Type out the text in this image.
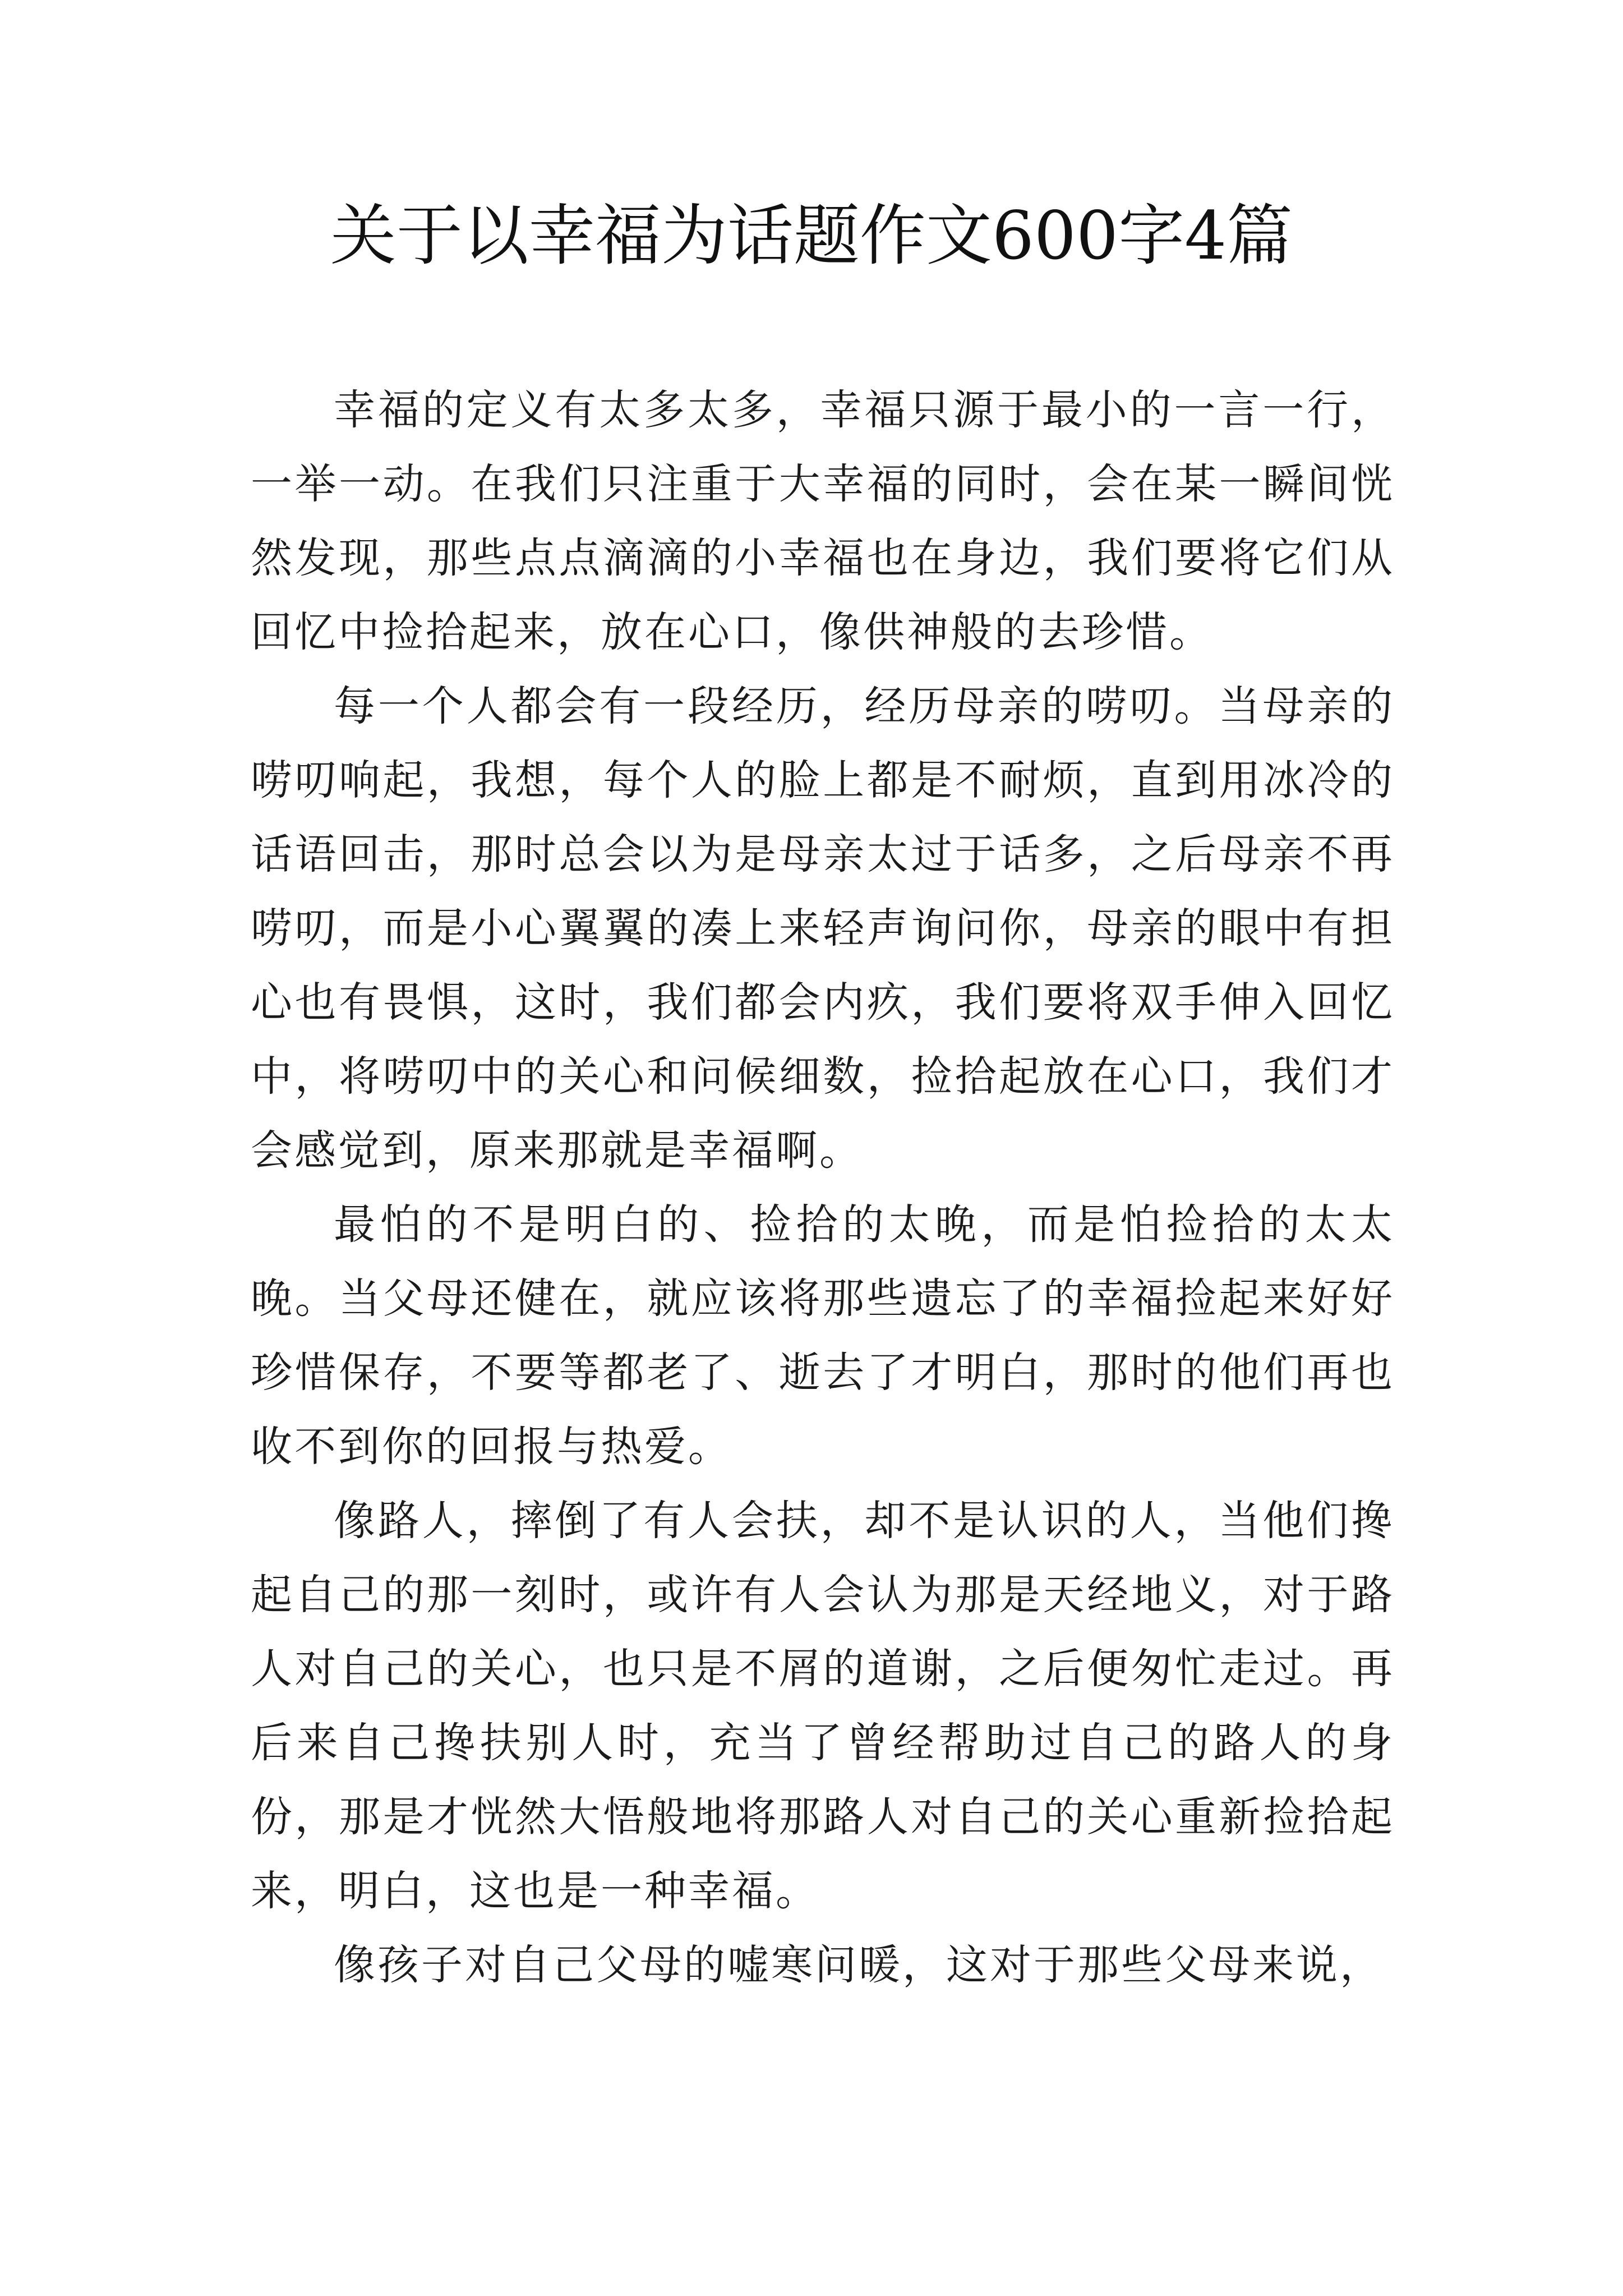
关于以幸福为话题作文600字4篇

幸福的定义有太多太多，幸福只源于最小的一言一行，一举一动。在我们只注重于大幸福的同时，会在某一瞬间恍然发现，那些点点滴滴的小幸福也在身边，我们要将它们从回忆中捡拾起来，放在心口，像供神般的去珍惜。

每一个人都会有一段经历，经历母亲的唠叨。当母亲的唠叨响起，我想，每个人的脸上都是不耐烦，直到用冰冷的话语回击，那时总会以为是母亲太过于话多，之后母亲不再唠叨，而是小心翼翼的凑上来轻声询问你，母亲的眼中有担心也有畏惧，这时，我们都会内疚，我们要将双手伸入回忆中，将唠叨中的关心和问候细数，捡拾起放在心口，我们才会感觉到，原来那就是幸福啊。

最怕的不是明白的、捡拾的太晚，而是怕捡拾的太太晚。当父母还健在，就应该将那些遗忘了的幸福捡起来好好珍惜保存，不要等都老了、逝去了才明白，那时的他们再也收不到你的回报与热爱。

像路人，摔倒了有人会扶，却不是认识的人，当他们搀起自己的那一刻时，或许有人会认为那是天经地义，对于路人对自己的关心，也只是不屑的道谢，之后便匆忙走过。再后来自己搀扶别人时，充当了曾经帮助过自己的路人的身份，那是才恍然大悟般地将那路人对自己的关心重新捡拾起来，明白，这也是一种幸福。

像孩子对自己父母的嘘寒问暖，这对于那些父母来说，
